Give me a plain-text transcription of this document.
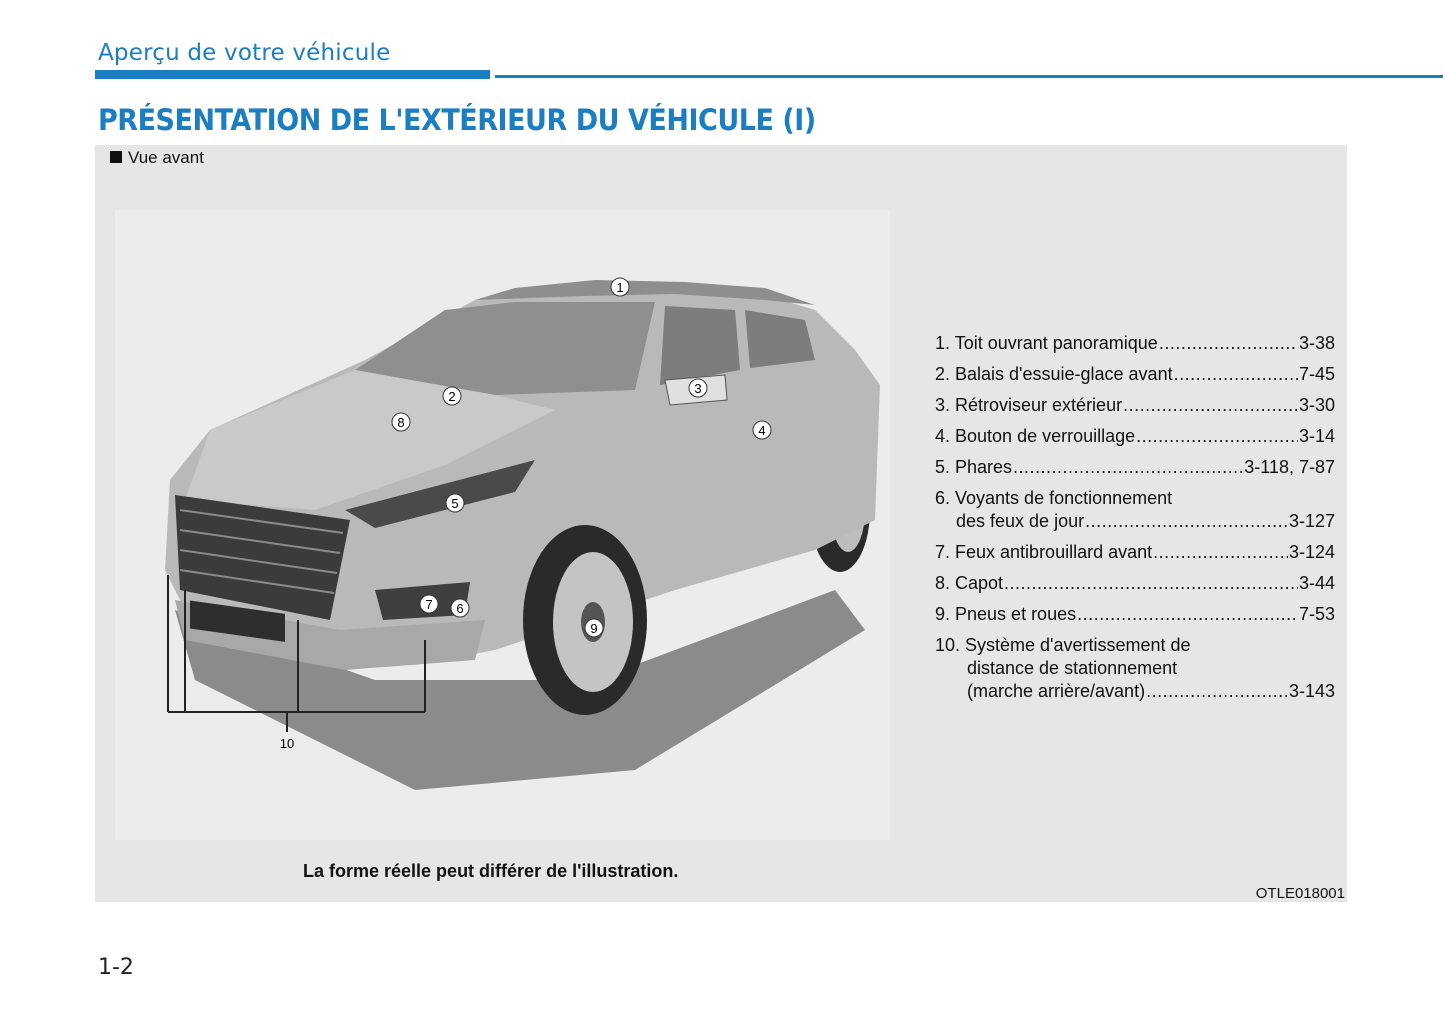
Aperçu de votre véhicule
PRÉSENTATION DE L'EXTÉRIEUR DU VÉHICULE (I)
Vue avant
1
2
3
4
5
6
7
8
9
10
1. Toit ouvrant panoramique .....	3-38
2. Balais d'essuie-glace avant .....	7-45
3. Rétroviseur extérieur .....	3-30
4. Bouton de verrouillage .....	3-14
5. Phares .....	3-118, 7-87
6. Voyants de fonctionnement
des feux de jour .....	3-127
7. Feux antibrouillard avant .....	3-124
8. Capot .....	3-44
9. Pneus et roues .....	7-53
10. Système d'avertissement de
distance de stationnement
(marche arrière/avant) .....	3-143
La forme réelle peut différer de l'illustration.
OTLE018001
1-2
